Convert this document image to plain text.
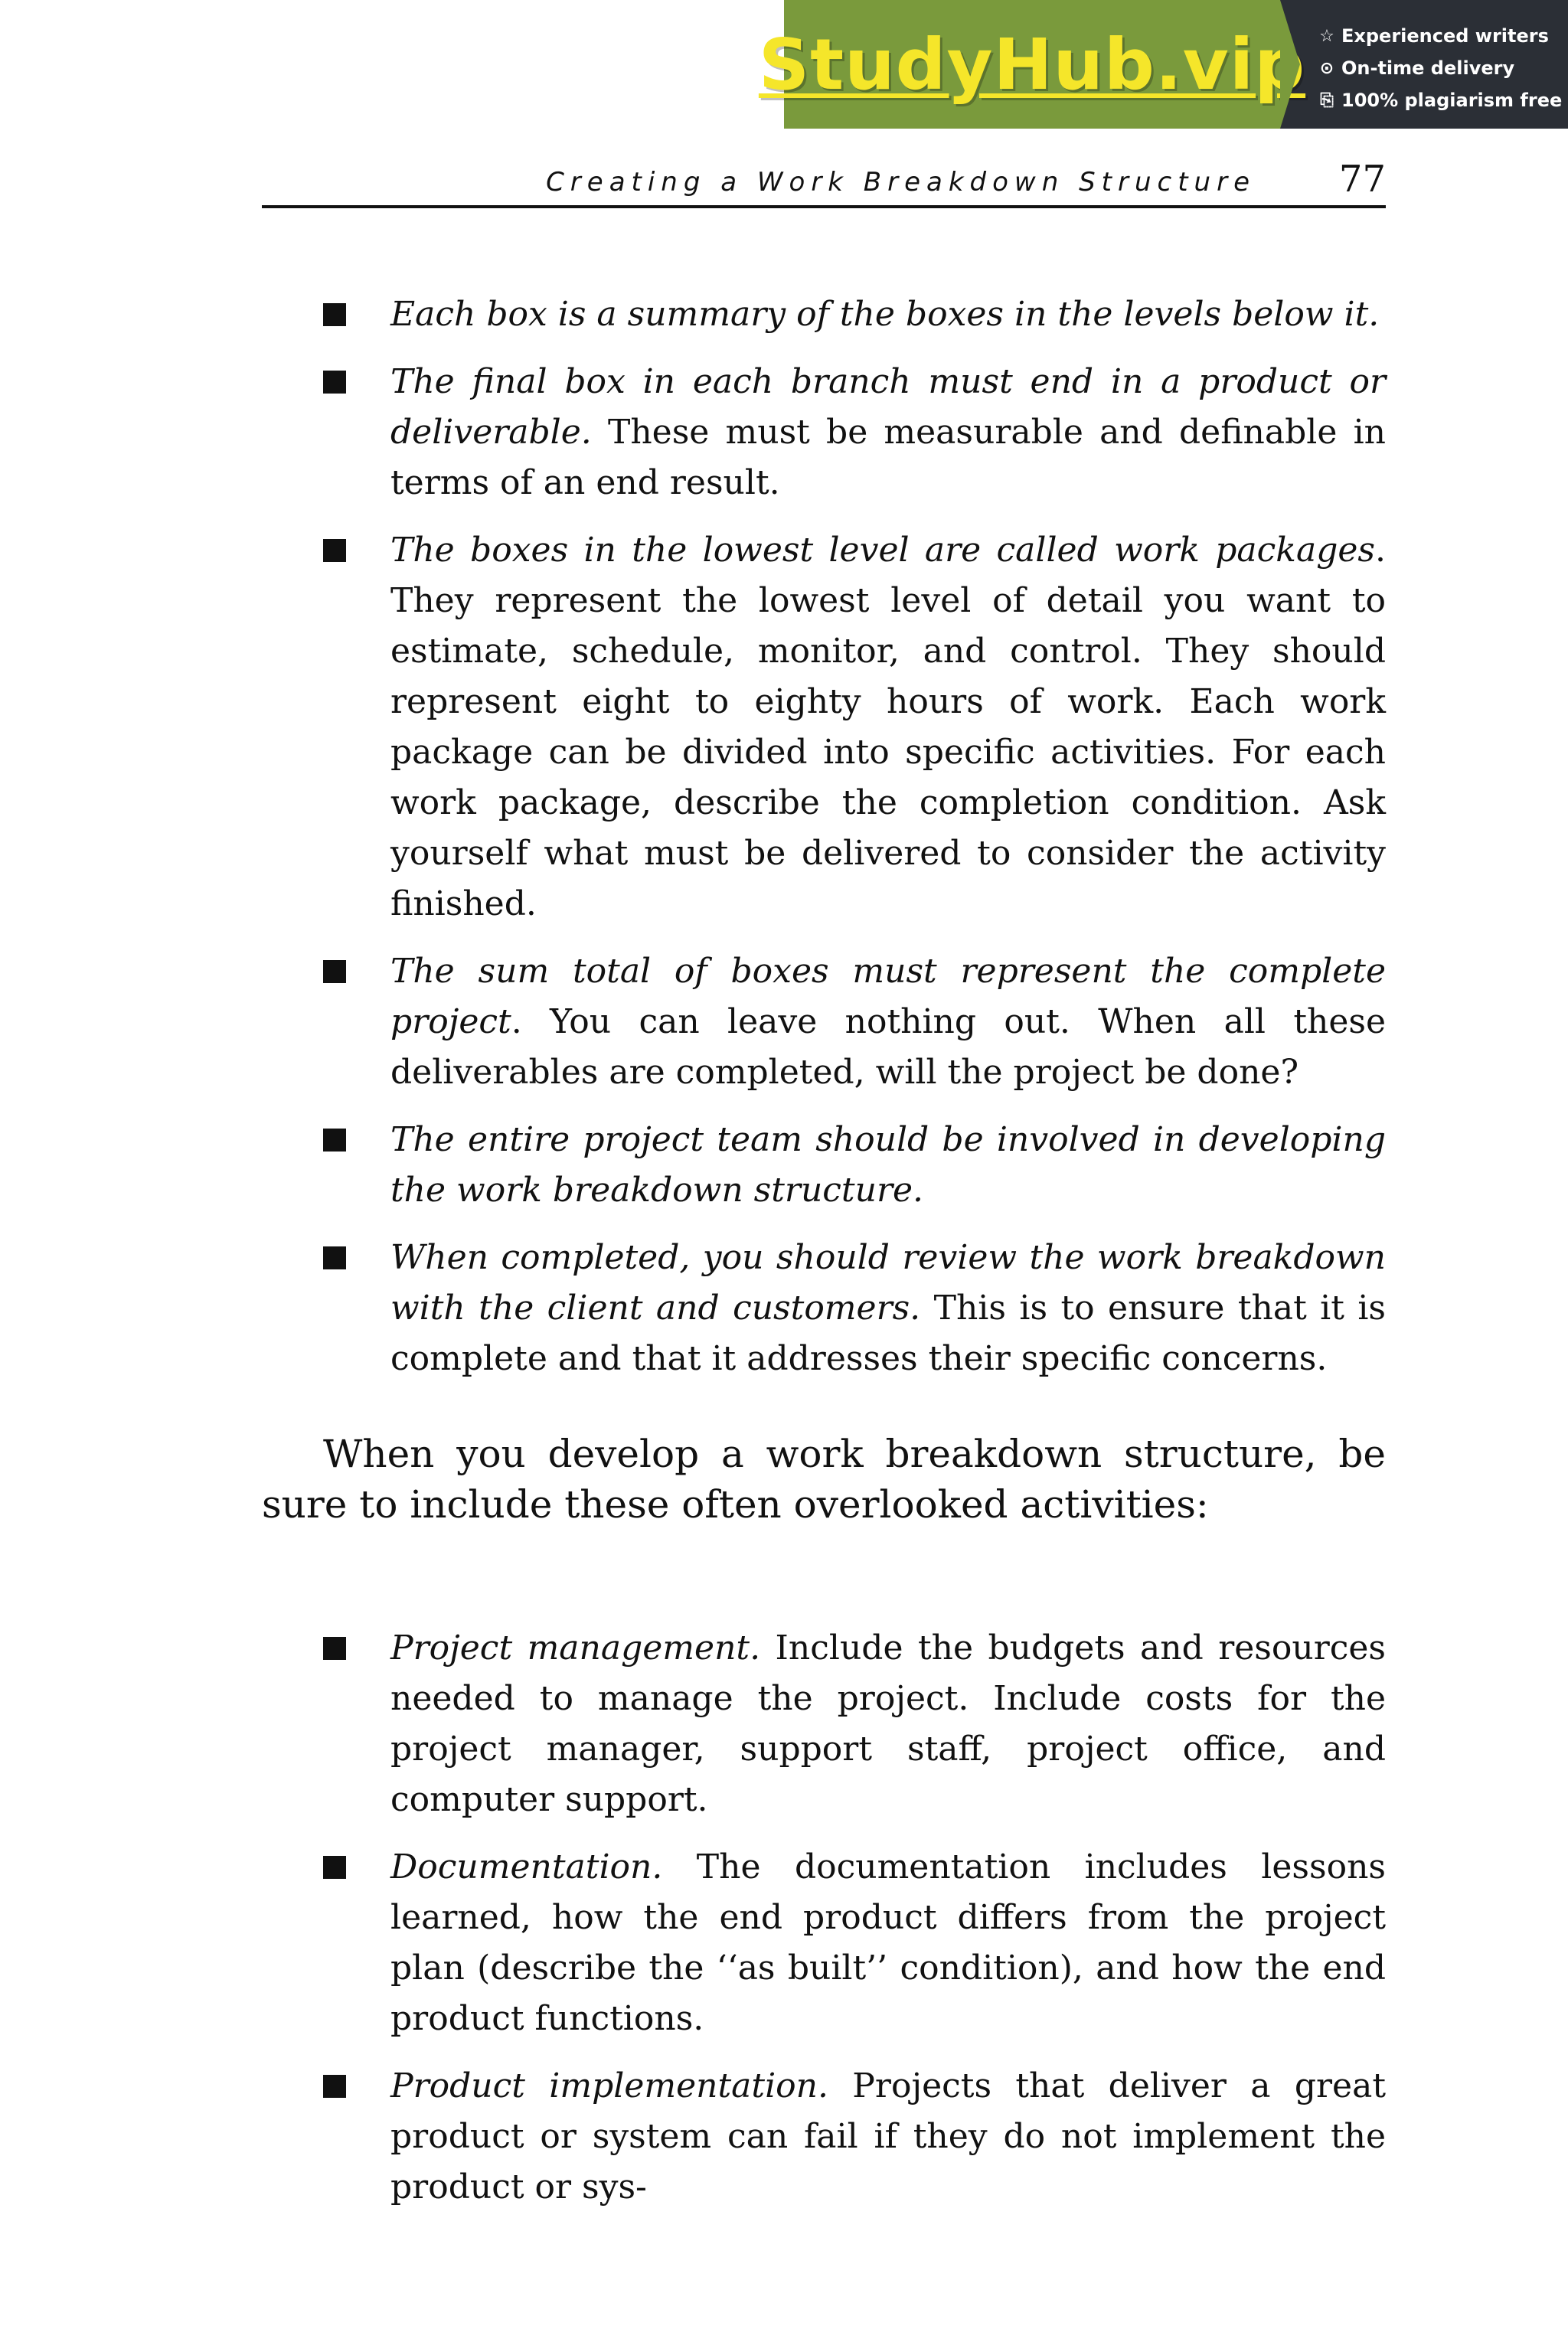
StudyHub.vip ☆ Experienced writers
⊙ On-time delivery
⎘ 100% plagiarism free
Creating a Work Breakdown Structure 77
Each box is a summary of the boxes in the levels below it.
The final box in each branch must end in a product or deliverable. These must be measurable and definable in terms of an end result.
The boxes in the lowest level are called work packages. They represent the lowest level of detail you want to estimate, schedule, monitor, and control. They should represent eight to eighty hours of work. Each work package can be divided into specific activities. For each work package, describe the completion condition. Ask yourself what must be delivered to consider the activity finished.
The sum total of boxes must represent the complete project. You can leave nothing out. When all these deliverables are completed, will the project be done?
The entire project team should be involved in developing the work breakdown structure.
When completed, you should review the work breakdown with the client and customers. This is to ensure that it is complete and that it addresses their specific concerns.

When you develop a work breakdown structure, be sure to include these often overlooked activities:

Project management. Include the budgets and resources needed to manage the project. Include costs for the project manager, support staff, project office, and computer support.
Documentation. The documentation includes lessons learned, how the end product differs from the project plan (describe the ‘‘as built’’ condition), and how the end product functions.
Product implementation. Projects that deliver a great product or system can fail if they do not implement the product or sys-
